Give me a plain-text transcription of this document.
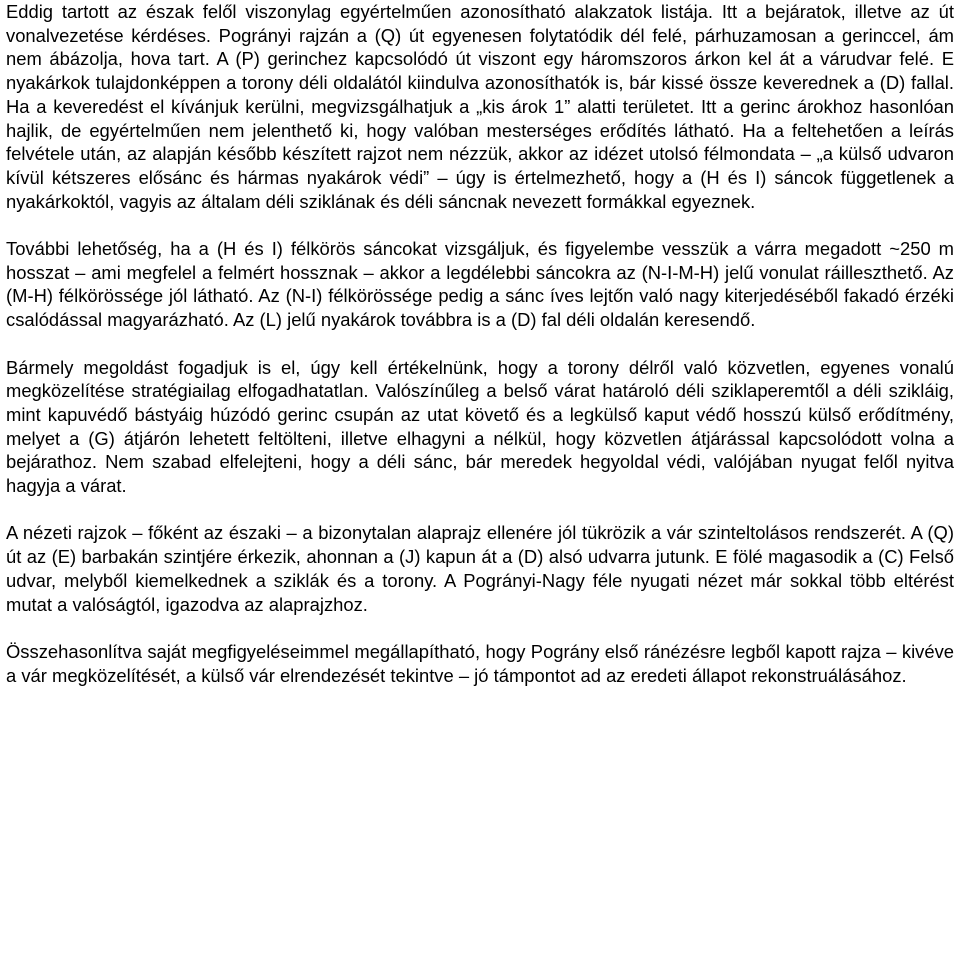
Eddig tartott az észak felől viszonylag egyértelműen azonosítható alakzatok listája. Itt a bejáratok, illetve az út vonalvezetése kérdéses. Pogrányi rajzán a (Q) út egyenesen folytatódik dél felé, párhuzamosan a gerinccel, ám nem ábázolja, hova tart. A (P) gerinchez kapcsolódó út viszont egy háromszoros árkon kel át a várudvar felé. E nyakárkok tulajdonképpen a torony déli oldalától kiindulva azonosíthatók is, bár kissé össze keverednek a (D) fallal. Ha a keveredést el kívánjuk kerülni, megvizsgálhatjuk a „kis árok 1” alatti területet. Itt a gerinc árokhoz hasonlóan hajlik, de egyértelműen nem jelenthető ki, hogy valóban mesterséges erődítés látható. Ha a feltehetően a leírás felvétele után, az alapján később készített rajzot nem nézzük, akkor az idézet utolsó félmondata – „a külső udvaron kívül kétszeres elősánc és hármas nyakárok védi” – úgy is értelmezhető, hogy a (H és I) sáncok függetlenek a nyakárkoktól, vagyis az általam déli sziklának és déli sáncnak nevezett formákkal egyeznek.

További lehetőség, ha a (H és I) félkörös sáncokat vizsgáljuk, és figyelembe vesszük a várra megadott ~250 m hosszat – ami megfelel a felmért hossznak – akkor a legdélebbi sáncokra az (N-I-M-H) jelű vonulat ráilleszthető. Az (M-H) félkörössége jól látható. Az (N-I) félkörössége pedig a sánc íves lejtőn való nagy kiterjedéséből fakadó érzéki csalódással magyarázható. Az (L) jelű nyakárok továbbra is a (D) fal déli oldalán keresendő.

Bármely megoldást fogadjuk is el, úgy kell értékelnünk, hogy a torony délről való közvetlen, egyenes vonalú megközelítése stratégiailag elfogadhatatlan. Valószínűleg a belső várat határoló déli sziklaperemtől a déli szikláig, mint kapuvédő bástyáig húzódó gerinc csupán az utat követő és a legkülső kaput védő hosszú külső erődítmény, melyet a (G) átjárón lehetett feltölteni, illetve elhagyni a nélkül, hogy közvetlen átjárással kapcsolódott volna a bejárathoz. Nem szabad elfelejteni, hogy a déli sánc, bár meredek hegyoldal védi, valójában nyugat felől nyitva hagyja a várat.

A nézeti rajzok – főként az északi – a bizonytalan alaprajz ellenére jól tükrözik a vár szinteltolásos rendszerét. A (Q) út az (E) barbakán szintjére érkezik, ahonnan a (J) kapun át a (D) alsó udvarra jutunk. E fölé magasodik a (C) Felső udvar, melyből kiemelkednek a sziklák és a torony. A Pogrányi-Nagy féle nyugati nézet már sokkal több eltérést mutat a valóságtól, igazodva az alaprajzhoz.

Összehasonlítva saját megfigyeléseimmel megállapítható, hogy Pográny első ránézésre legből kapott rajza – kivéve a vár megközelítését, a külső vár elrendezését tekintve – jó támpontot ad az eredeti állapot rekonstruálásához.
